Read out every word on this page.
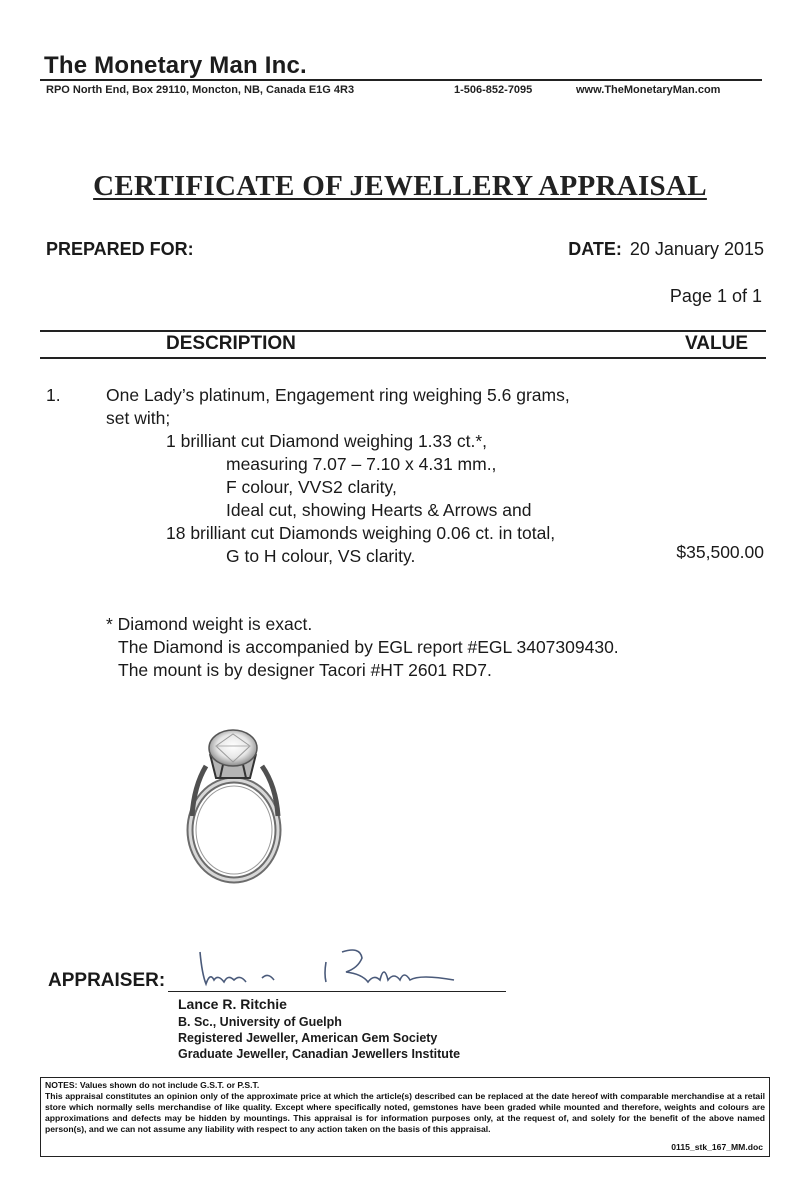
The Monetary Man Inc.
RPO North End, Box 29110, Moncton, NB, Canada E1G 4R3	1-506-852-7095	www.TheMonetaryMan.com
CERTIFICATE OF JEWELLERY APPRAISAL
PREPARED FOR:	DATE: 20 January 2015
Page 1 of 1
DESCRIPTION	VALUE
1.	One Lady’s platinum, Engagement ring weighing 5.6 grams,
set with;
1 brilliant cut Diamond weighing 1.33 ct.*,
measuring 7.07 – 7.10 x 4.31 mm.,
F colour, VVS2 clarity,
Ideal cut, showing Hearts & Arrows and
18 brilliant cut Diamonds weighing 0.06 ct. in total,
G to H colour, VS clarity.	$35,500.00
* Diamond weight is exact.
The Diamond is accompanied by EGL report #EGL 3407309430.
The mount is by designer Tacori #HT 2601 RD7.
APPRAISER:
Lance R. Ritchie
B. Sc., University of Guelph
Registered Jeweller, American Gem Society
Graduate Jeweller, Canadian Jewellers Institute
NOTES: Values shown do not include G.S.T. or P.S.T.
This appraisal constitutes an opinion only of the approximate price at which the article(s) described can be replaced at the date hereof with comparable merchandise at a retail store which normally sells merchandise of like quality. Except where specifically noted, gemstones have been graded while mounted and therefore, weights and colours are approximations and defects may be hidden by mountings. This appraisal is for information purposes only, at the request of, and solely for the benefit of the above named person(s), and we can not assume any liability with respect to any action taken on the basis of this appraisal.
0115_stk_167_MM.doc
